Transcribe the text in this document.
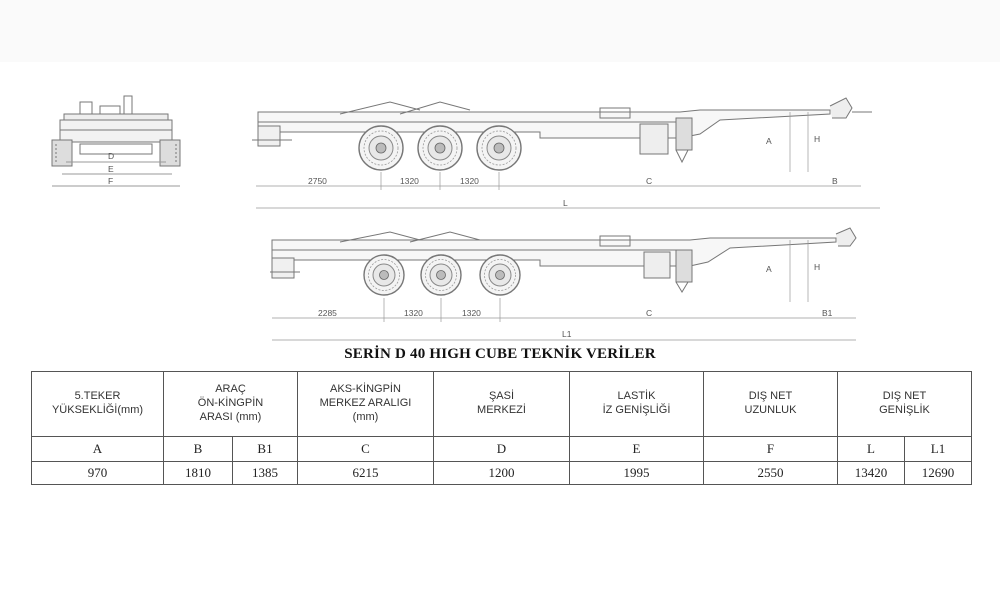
D
E
F	2750	1320	1320	C	B
A	H
L
2285	1320	1320	C	B1
A	H
L1
SERİN D 40 HIGH CUBE TEKNİK VERİLER
5.TEKER
YÜKSEKLİĞİ(mm)	ARAÇ
ÖN-KİNGPİN
ARASI (mm)		AKS-KİNGPİN
MERKEZ ARALIGI
(mm)	ŞASİ
MERKEZİ	LASTİK
İZ GENİŞLİĞİ	DIŞ NET
UZUNLUK	DIŞ NET
GENİŞLİK	
A	B	B1	C	D	E	F	L	L1
970	1810	1385	6215	1200	1995	2550	13420	12690
